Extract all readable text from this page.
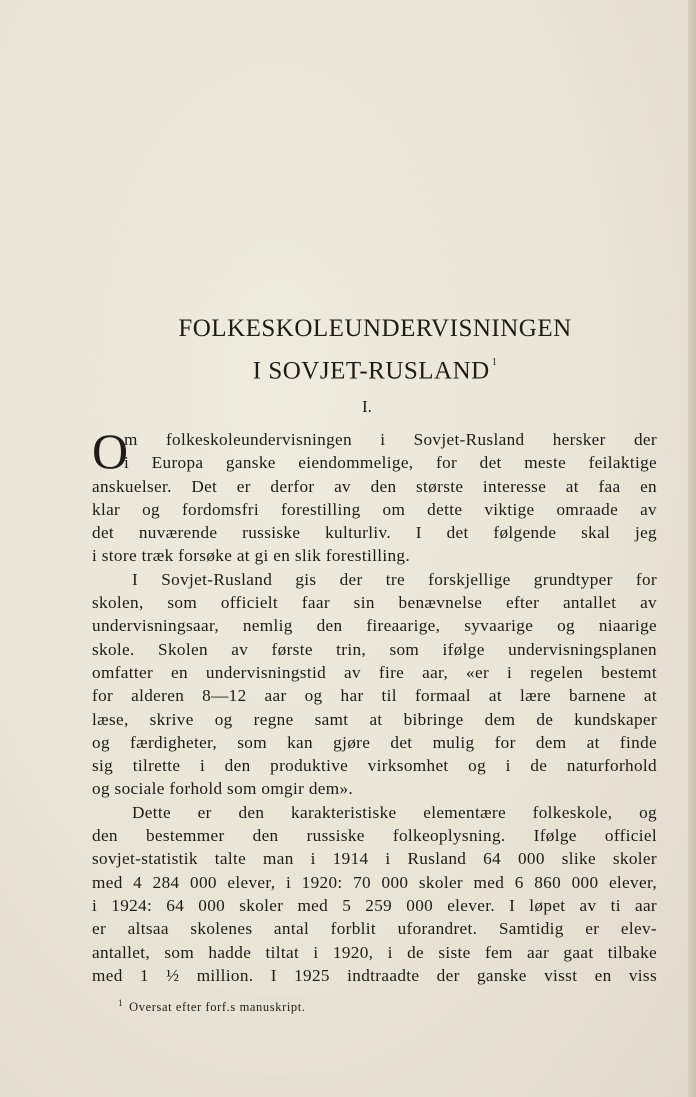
FOLKESKOLEUNDERVISNINGEN
I SOVJET-RUSLAND $^1$
I.
O
m folkeskoleundervisningen i Sovjet-Rusland hersker der
i Europa ganske eiendommelige, for det meste feilaktige
anskuelser. Det er derfor av den største interesse at faa en
klar og fordomsfri forestilling om dette viktige omraade av
det nuværende russiske kulturliv. I det følgende skal jeg
i store træk forsøke at gi en slik forestilling.
I Sovjet-Rusland gis der tre forskjellige grundtyper for
skolen, som officielt faar sin benævnelse efter antallet av
undervisningsaar, nemlig den fireaarige, syvaarige og niaarige
skole. Skolen av første trin, som ifølge undervisningsplanen
omfatter en undervisningstid av fire aar, «er i regelen bestemt
for alderen 8—12 aar og har til formaal at lære barnene at
læse, skrive og regne samt at bibringe dem de kundskaper
og færdigheter, som kan gjøre det mulig for dem at finde
sig tilrette i den produktive virksomhet og i de naturforhold
og sociale forhold som omgir dem».
Dette er den karakteristiske elementære folkeskole, og
den bestemmer den russiske folkeoplysning. Ifølge officiel
sovjet-statistik talte man i 1914 i Rusland 64 000 slike skoler
med 4 284 000 elever, i 1920: 70 000 skoler med 6 860 000 elever,
i 1924: 64 000 skoler med 5 259 000 elever. I løpet av ti aar
er altsaa skolenes antal forblit uforandret. Samtidig er elev-
antallet, som hadde tiltat i 1920, i de siste fem aar gaat tilbake
med 1 ½ million. I 1925 indtraadte der ganske visst en viss
$^1$ Oversat efter forf.s manuskript.
